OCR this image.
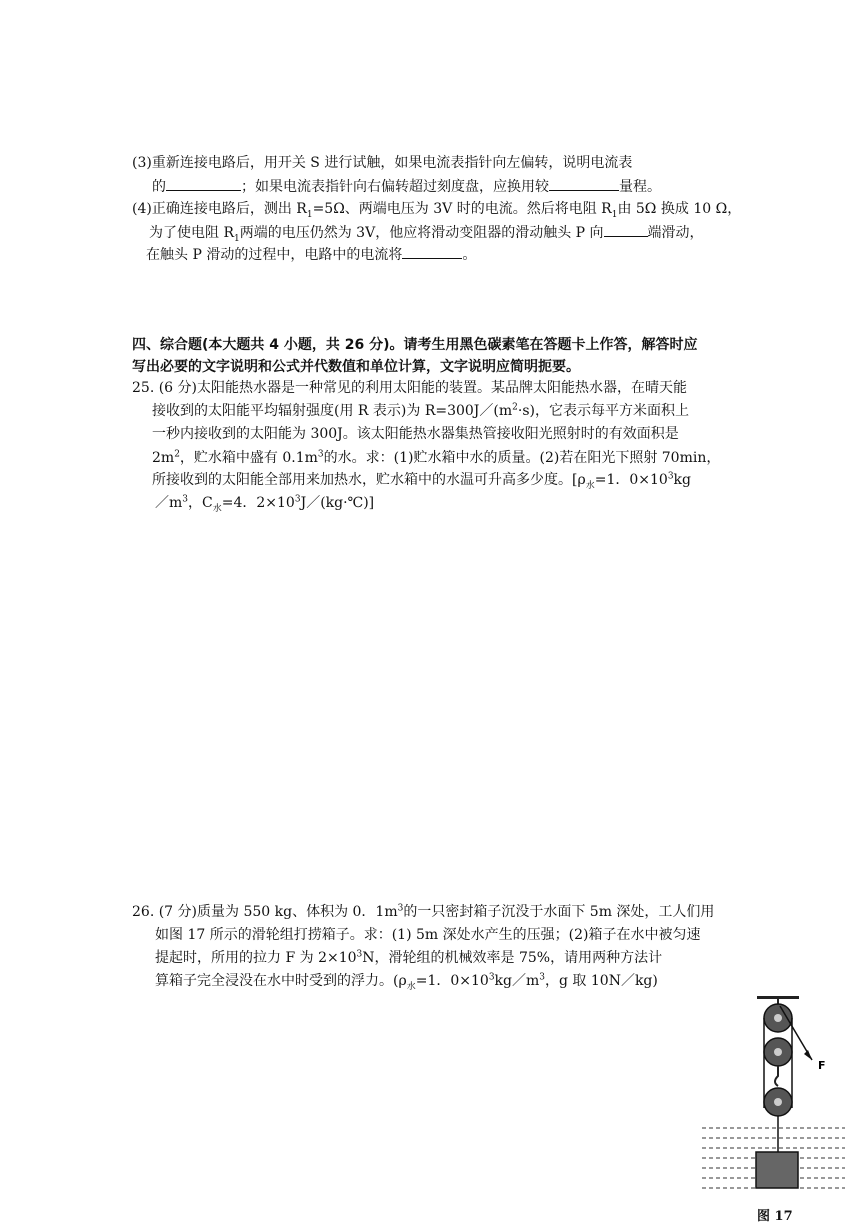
(3)重新连接电路后，用开关 S 进行试触，如果电流表指针向左偏转，说明电流表
的	；如果电流表指针向右偏转超过刻度盘，应换用较	量程。
(4)正确连接电路后，测出 $R_1=5\Omega$、两端电压为 3V 时的电流。然后将电阻 $R_1$由 5Ω 换成 10 Ω，
为了使电阻 $R_1$两端的电压仍然为 3V，他应将滑动变阻器的滑动触头 P 向	端滑动，
在触头 P 滑动的过程中，电路中的电流将	。
四、综合题(本大题共 4 小题，共 26 分)。请考生用黑色碳素笔在答题卡上作答，解答时应
写出必要的文字说明和公式并代数值和单位计算，文字说明应简明扼要。
25. (6 分)太阳能热水器是一种常见的利用太阳能的装置。某品牌太阳能热水器，在晴天能
接收到的太阳能平均辐射强度(用 R 表示)为 $R=300J/(m^2\cdot s)$，它表示每平方米面积上
一秒内接收到的太阳能为 300J。该太阳能热水器集热管接收阳光照射时的有效面积是
$2m^2$，贮水箱中盛有 $0.1m^3$的水。求：(1)贮水箱中水的质量。(2)若在阳光下照射 70min，
所接收到的太阳能全部用来加热水，贮水箱中的水温可升高多少度。[$\rho_水=1$．$0\times 10^3kg$
$/m^3$，$C_水=4$．$2\times 10^3J/(kg\cdot℃)$]
26. (7 分)质量为 550 kg、体积为 0．$1m^3$的一只密封箱子沉没于水面下 5m 深处，工人们用
如图 17 所示的滑轮组打捞箱子。求：(1) 5m 深处水产生的压强；(2)箱子在水中被匀速
提起时，所用的拉力 F 为 $2\times 10^3N$，滑轮组的机械效率是 75%，请用两种方法计
算箱子完全浸没在水中时受到的浮力。($\rho_水=1$．$0\times 10^3kg/m^3$，g 取 10N／kg)
F
图 17
